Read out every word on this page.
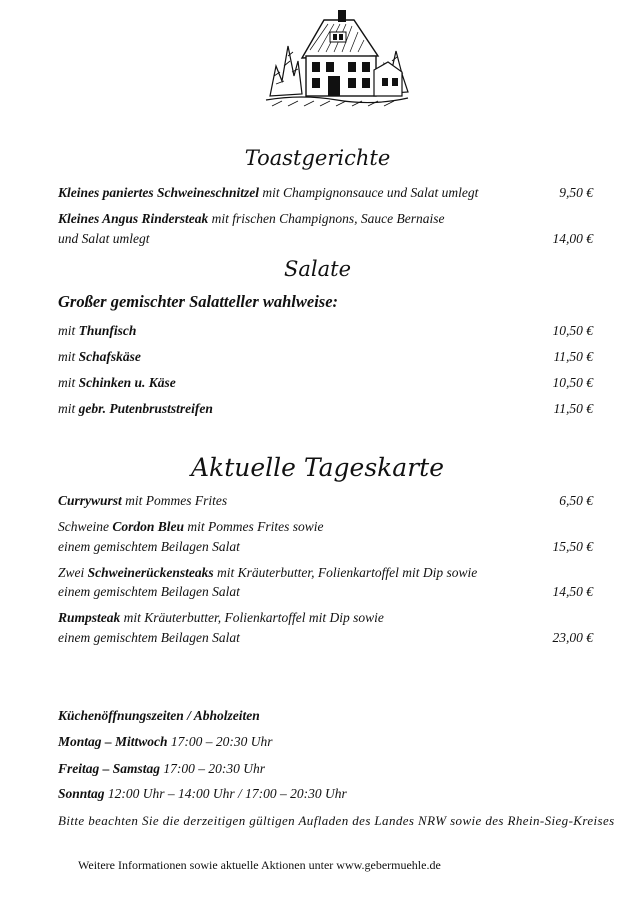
Toastgerichte
Kleines paniertes Schweineschnitzel mit Champignonsauce und Salat umlegt	9,50 €
Kleines Angus Rindersteak mit frischen Champignons, Sauce Bernaise
und Salat umlegt	14,00 €
Salate
Großer gemischter Salatteller wahlweise:
mit Thunfisch	10,50 €
mit Schafskäse	11,50 €
mit Schinken u. Käse	10,50 €
mit gebr. Putenbruststreifen	11,50 €
Aktuelle Tageskarte
Currywurst mit Pommes Frites	6,50 €
Schweine Cordon Bleu mit Pommes Frites sowie
einem gemischtem Beilagen Salat	15,50 €
Zwei Schweinerückensteaks mit Kräuterbutter, Folienkartoffel mit Dip sowie
einem gemischtem Beilagen Salat	14,50 €
Rumpsteak mit Kräuterbutter, Folienkartoffel mit Dip sowie
einem gemischtem Beilagen Salat	23,00 €
Küchenöffnungszeiten / Abholzeiten
Montag – Mittwoch 17:00 – 20:30 Uhr
Freitag – Samstag 17:00 – 20:30 Uhr
Sonntag 12:00 Uhr – 14:00 Uhr / 17:00 – 20:30 Uhr
Bitte beachten Sie die derzeitigen gültigen Aufladen des Landes NRW sowie des Rhein-Sieg-Kreises
Weitere Informationen sowie aktuelle Aktionen unter www.gebermuehle.de
